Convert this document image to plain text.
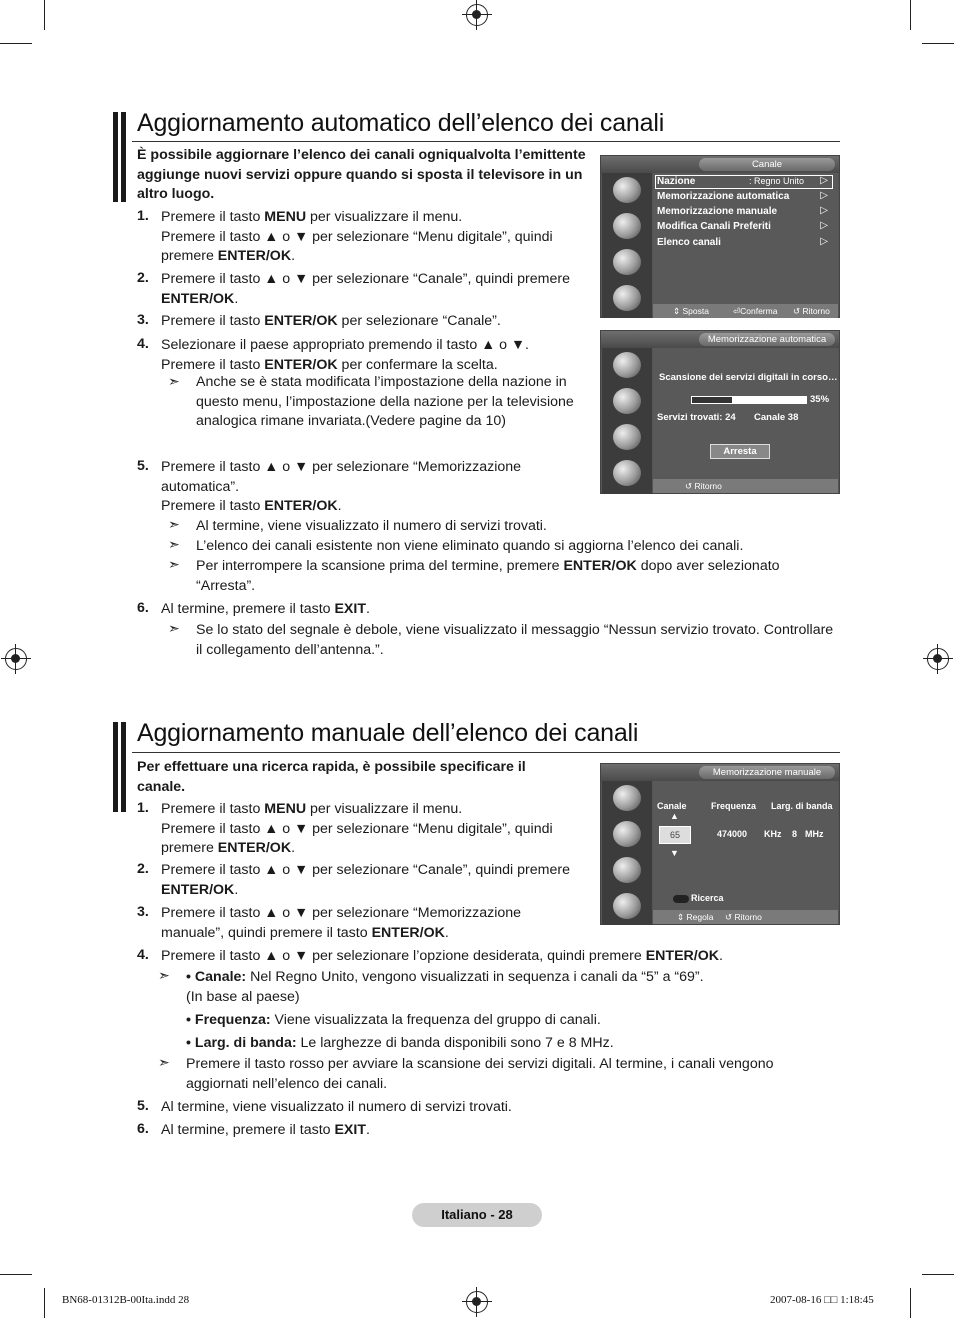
Aggiornamento automatico dell’elenco dei canali
È possibile aggiornare l’elenco dei canali ogniqualvolta l’emittente aggiunge nuovi servizi oppure quando si sposta il televisore in un altro luogo.
1. Premere il tasto MENU per visualizzare il menu.
Premere il tasto ▲ o ▼ per selezionare “Menu digitale”, quindi premere ENTER/OK.
2. Premere il tasto ▲ o ▼ per selezionare “Canale”, quindi premere ENTER/OK.
3. Premere il tasto ENTER/OK per selezionare “Canale”.
4. Selezionare il paese appropriato premendo il tasto ▲ o ▼.
Premere il tasto ENTER/OK per confermare la scelta.
➣ Anche se è stata modificata l’impostazione della nazione in questo menu, l’impostazione della nazione per la televisione analogica rimane invariata.(Vedere pagine da 10)
5. Premere il tasto ▲ o ▼ per selezionare “Memorizzazione automatica”.
Premere il tasto ENTER/OK.
➣ Al termine, viene visualizzato il numero di servizi trovati.
➣ L’elenco dei canali esistente non viene eliminato quando si aggiorna l’elenco dei canali.
➣ Per interrompere la scansione prima del termine, premere ENTER/OK dopo aver selezionato “Arresta”.
6. Al termine, premere il tasto EXIT.
➣ Se lo stato del segnale è debole, viene visualizzato il messaggio “Nessun servizio trovato. Controllare il collegamento dell’antenna.”.
Canale
Nazione	: Regno Unito ▷
Memorizzazione automatica	▷
Memorizzazione manuale	▷
Modifica Canali Preferiti	▷
Elenco canali	▷
⇕ Sposta	⏎Conferma ↺ Ritorno
Memorizzazione automatica
Scansione dei servizi digitali in corso…
35%
Servizi trovati: 24 Canale 38
Arresta
↺ Ritorno
Aggiornamento manuale dell’elenco dei canali
Per effettuare una ricerca rapida, è possibile specificare il canale.
1. Premere il tasto MENU per visualizzare il menu.
Premere il tasto ▲ o ▼ per selezionare “Menu digitale”, quindi premere ENTER/OK.
2. Premere il tasto ▲ o ▼ per selezionare “Canale”, quindi premere ENTER/OK.
3. Premere il tasto ▲ o ▼ per selezionare “Memorizzazione manuale”, quindi premere il tasto ENTER/OK.
4. Premere il tasto ▲ o ▼ per selezionare l’opzione desiderata, quindi premere ENTER/OK.
➣ • Canale: Nel Regno Unito, vengono visualizzati in sequenza i canali da “5” a “69”.
(In base al paese)
• Frequenza: Viene visualizzata la frequenza del gruppo di canali.
• Larg. di banda: Le larghezze di banda disponibili sono 7 e 8 MHz.
➣ Premere il tasto rosso per avviare la scansione dei servizi digitali. Al termine, i canali vengono aggiornati nell’elenco dei canali.
5. Al termine, viene visualizzato il numero di servizi trovati.
6. Al termine, premere il tasto EXIT.
Memorizzazione manuale
Canale	Frequenza Larg. di banda
▲
65
▼
474000 KHz 8 MHz
Ricerca
⇕ Regola ↺ Ritorno
Italiano - 28
BN68-01312B-00Ita.indd 28	2007-08-16 □□ 1:18:45
